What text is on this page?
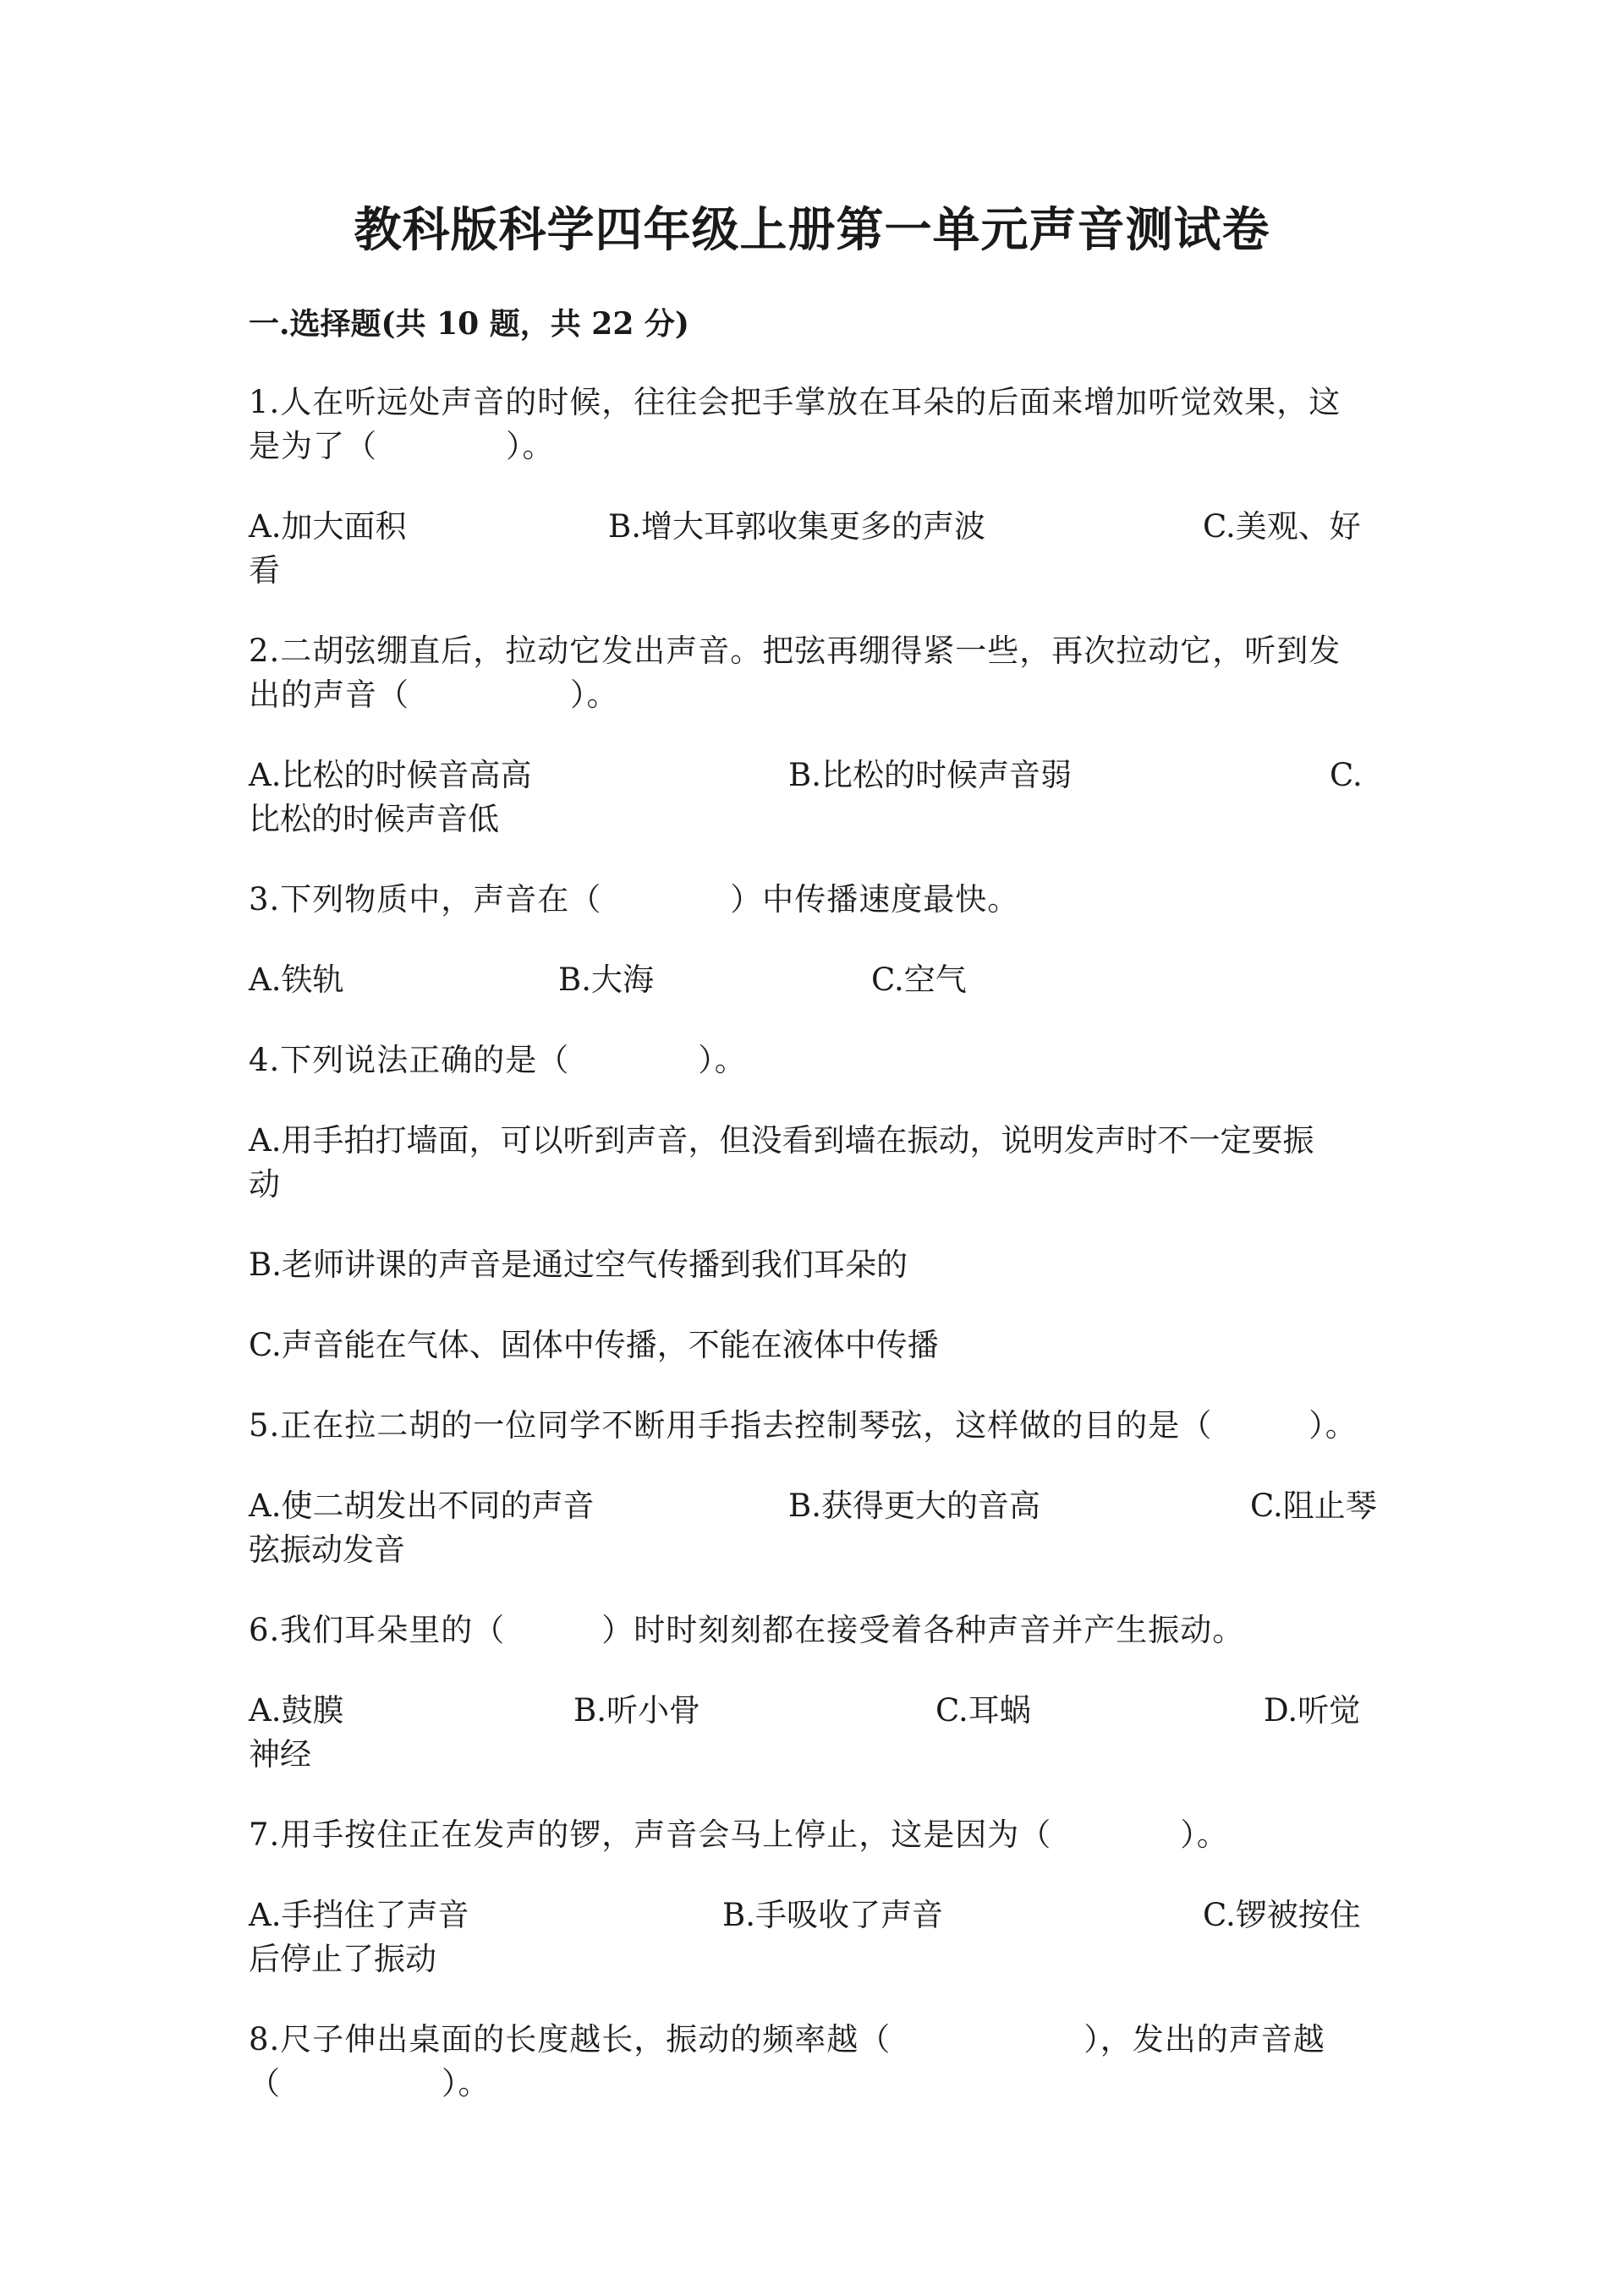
教科版科学四年级上册第一单元声音测试卷
一.选择题(共 10 题，共 22 分)
1.人在听远处声音的时候，往往会把手掌放在耳朵的后面来增加听觉效果，这
是为了（　　　　）。
A.加大面积	B.增大耳郭收集更多的声波	C.美观、好
看
2.二胡弦绷直后，拉动它发出声音。把弦再绷得紧一些，再次拉动它，听到发
出的声音（　　　　　）。
A.比松的时候音高高	B.比松的时候声音弱	C.
比松的时候声音低
3.下列物质中，声音在（　　　　）中传播速度最快。
A.铁轨	B.大海	C.空气
4.下列说法正确的是（　　　　）。
A.用手拍打墙面，可以听到声音，但没看到墙在振动，说明发声时不一定要振
动
B.老师讲课的声音是通过空气传播到我们耳朵的
C.声音能在气体、固体中传播，不能在液体中传播
5.正在拉二胡的一位同学不断用手指去控制琴弦，这样做的目的是（　　　）。
A.使二胡发出不同的声音	B.获得更大的音高	C.阻止琴
弦振动发音
6.我们耳朵里的（　　　）时时刻刻都在接受着各种声音并产生振动。
A.鼓膜	B.听小骨	C.耳蜗	D.听觉
神经
7.用手按住正在发声的锣，声音会马上停止，这是因为（　　　　）。
A.手挡住了声音	B.手吸收了声音	C.锣被按住
后停止了振动
8.尺子伸出桌面的长度越长，振动的频率越（　　　　　　），发出的声音越
（　　　　　）。
